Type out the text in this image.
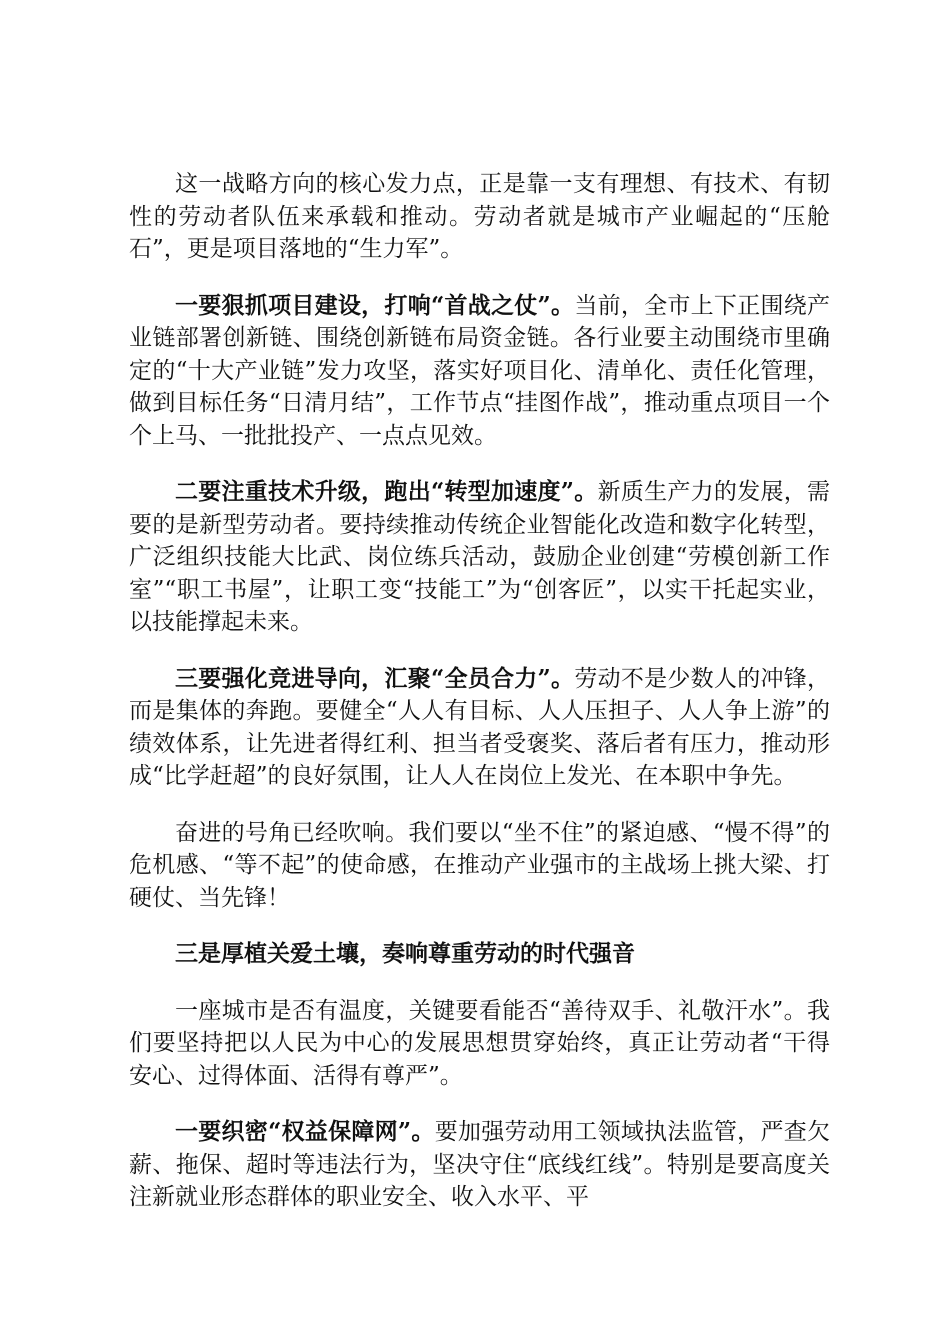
这一战略方向的核心发力点，正是靠一支有理想、有技术、有韧性的劳动者队伍来承载和推动。劳动者就是城市产业崛起的“压舱石”，更是项目落地的“生力军”。

一要狠抓项目建设，打响“首战之仗”。当前，全市上下正围绕产业链部署创新链、围绕创新链布局资金链。各行业要主动围绕市里确定的“十大产业链”发力攻坚，落实好项目化、清单化、责任化管理，做到目标任务“日清月结”，工作节点“挂图作战”，推动重点项目一个个上马、一批批投产、一点点见效。

二要注重技术升级，跑出“转型加速度”。新质生产力的发展，需要的是新型劳动者。要持续推动传统企业智能化改造和数字化转型，广泛组织技能大比武、岗位练兵活动，鼓励企业创建“劳模创新工作室”“职工书屋”，让职工变“技能工”为“创客匠”，以实干托起实业，以技能撑起未来。

三要强化竞进导向，汇聚“全员合力”。劳动不是少数人的冲锋，而是集体的奔跑。要健全“人人有目标、人人压担子、人人争上游”的绩效体系，让先进者得红利、担当者受褒奖、落后者有压力，推动形成“比学赶超”的良好氛围，让人人在岗位上发光、在本职中争先。

奋进的号角已经吹响。我们要以“坐不住”的紧迫感、“慢不得”的危机感、“等不起”的使命感，在推动产业强市的主战场上挑大梁、打硬仗、当先锋！

三是厚植关爱土壤，奏响尊重劳动的时代强音

一座城市是否有温度，关键要看能否“善待双手、礼敬汗水”。我们要坚持把以人民为中心的发展思想贯穿始终，真正让劳动者“干得安心、过得体面、活得有尊严”。

一要织密“权益保障网”。要加强劳动用工领域执法监管，严查欠薪、拖保、超时等违法行为，坚决守住“底线红线”。特别是要高度关注新就业形态群体的职业安全、收入水平、平
